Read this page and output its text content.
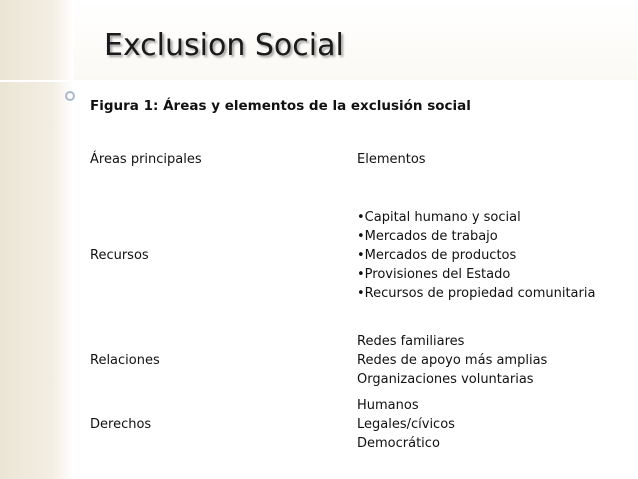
Exclusion Social
Figura 1: Áreas y elementos de la exclusión social
Áreas principales	Elementos
Recursos
•Capital humano y social
•Mercados de trabajo
•Mercados de productos
•Provisiones del Estado
•Recursos de propiedad comunitaria
Relaciones
Redes familiares
Redes de apoyo más amplias
Organizaciones voluntarias
Derechos
Humanos
Legales/cívicos
Democrático
